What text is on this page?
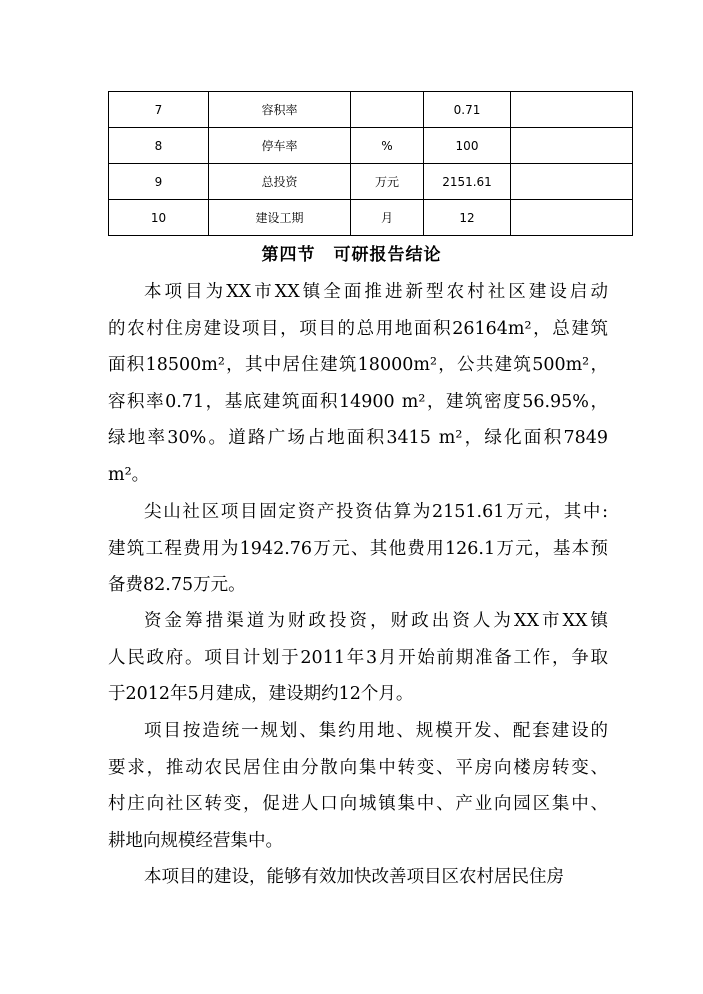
7	容积率		0.71	
8	停车率	%	100	
9	总投资	万元	2151.61	
10	建设工期	月	12	
第四节 可研报告结论
本项目为XX市XX镇全面推进新型农村社区建设启动
的农村住房建设项目，项目的总用地面积26164m²，总建筑
面积18500m²，其中居住建筑18000m²，公共建筑500m²，
容积率0.71，基底建筑面积14900 m²，建筑密度56.95%，
绿地率30%。道路广场占地面积3415 m²，绿化面积7849
m²。
尖山社区项目固定资产投资估算为2151.61万元，其中:
建筑工程费用为1942.76万元、其他费用126.1万元，基本预
备费82.75万元。
资金筹措渠道为财政投资，财政出资人为XX市XX镇
人民政府。项目计划于2011年3月开始前期准备工作，争取
于2012年5月建成，建设期约12个月。
项目按造统一规划、集约用地、规模开发、配套建设的
要求，推动农民居住由分散向集中转变、平房向楼房转变、
村庄向社区转变，促进人口向城镇集中、产业向园区集中、
耕地向规模经营集中。
本项目的建设，能够有效加快改善项目区农村居民住房
